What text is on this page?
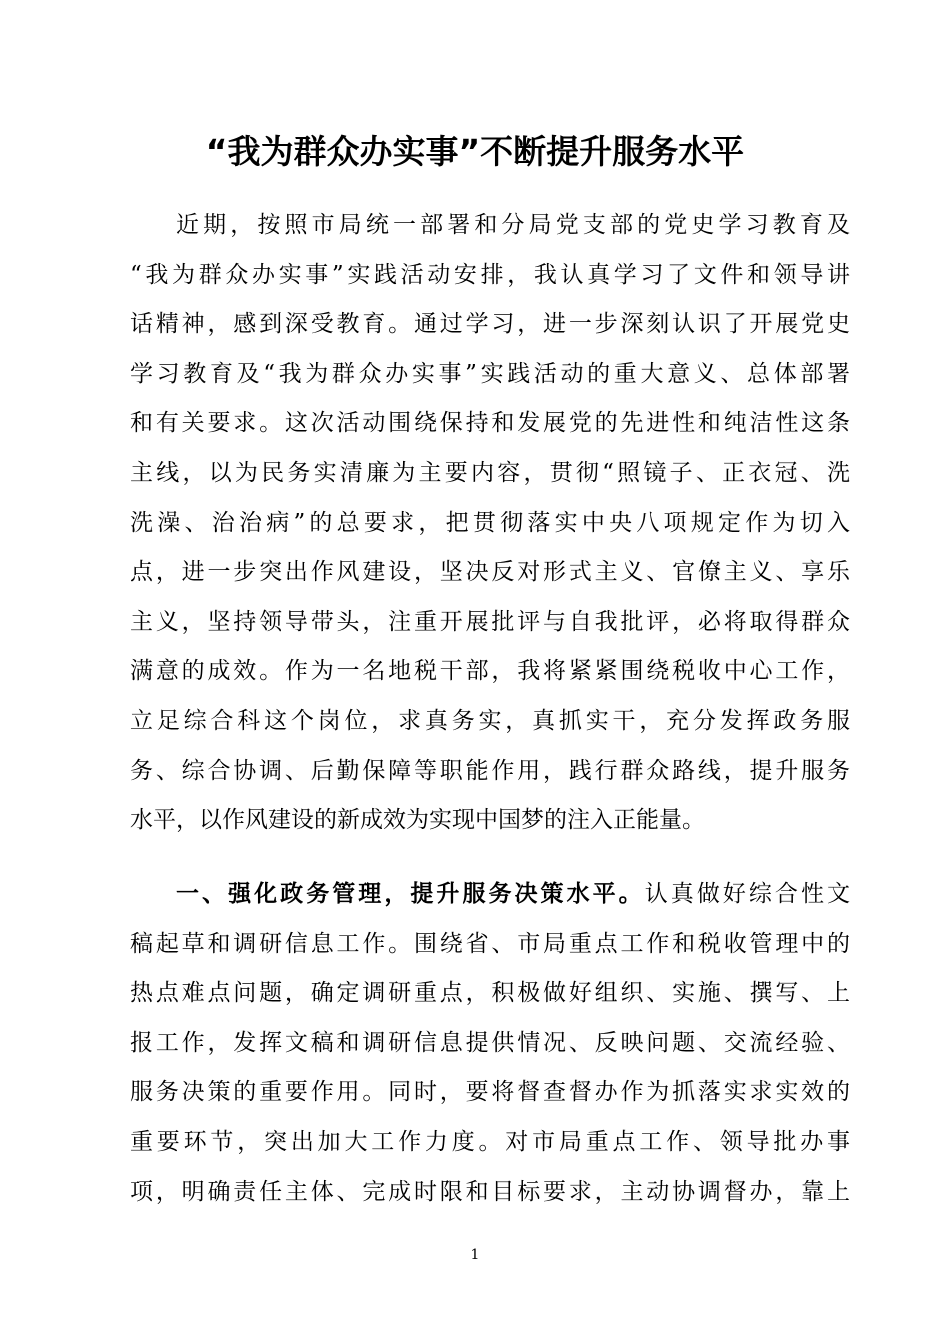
“我为群众办实事”不断提升服务水平
近期，按照市局统一部署和分局党支部的党史学习教育及
“我为群众办实事”实践活动安排，我认真学习了文件和领导讲
话精神，感到深受教育。通过学习，进一步深刻认识了开展党史
学习教育及“我为群众办实事”实践活动的重大意义、总体部署
和有关要求。这次活动围绕保持和发展党的先进性和纯洁性这条
主线，以为民务实清廉为主要内容，贯彻“照镜子、正衣冠、洗
洗澡、治治病”的总要求，把贯彻落实中央八项规定作为切入
点，进一步突出作风建设，坚决反对形式主义、官僚主义、享乐
主义，坚持领导带头，注重开展批评与自我批评，必将取得群众
满意的成效。作为一名地税干部，我将紧紧围绕税收中心工作，
立足综合科这个岗位，求真务实，真抓实干，充分发挥政务服
务、综合协调、后勤保障等职能作用，践行群众路线，提升服务
水平，以作风建设的新成效为实现中国梦的注入正能量。
一、强化政务管理，提升服务决策水平。认真做好综合性文
稿起草和调研信息工作。围绕省、市局重点工作和税收管理中的
热点难点问题，确定调研重点，积极做好组织、实施、撰写、上
报工作，发挥文稿和调研信息提供情况、反映问题、交流经验、
服务决策的重要作用。同时，要将督查督办作为抓落实求实效的
重要环节，突出加大工作力度。对市局重点工作、领导批办事
项，明确责任主体、完成时限和目标要求，主动协调督办，靠上
1
